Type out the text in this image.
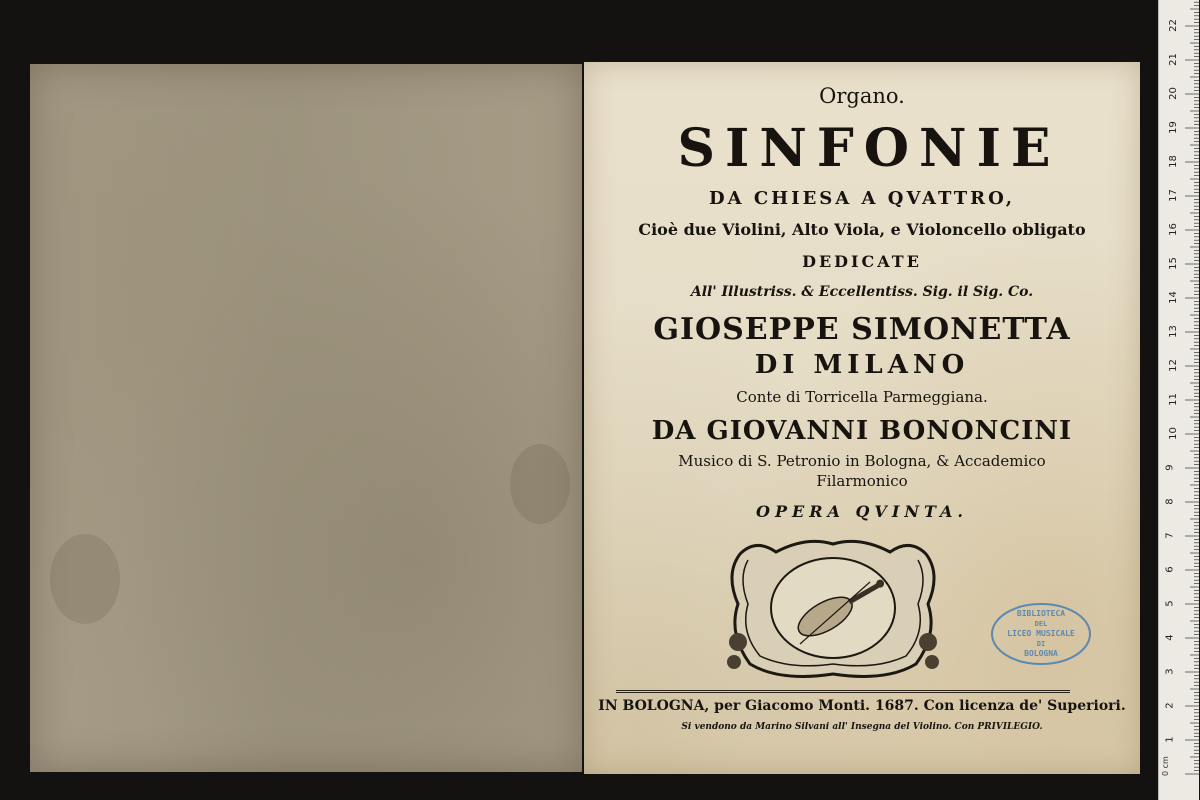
Organo.
SINFONIE
DA CHIESA A QVATTRO,
Cioè due Violini, Alto Viola, e Violoncello obligato
DEDICATE
All' Illustriss. & Eccellentiss. Sig. il Sig. Co.
GIOSEPPE SIMONETTA
DI MILANO
Conte di Torricella Parmeggiana.
DA GIOVANNI BONONCINI
Musico di S. Petronio in Bologna, & Accademico
Filarmonico
OPERA QVINTA.
BIBLIOTECA
DEL
LICEO MUSICALE
DI
BOLOGNA
IN BOLOGNA, per Giacomo Monti. 1687. Con licenza de' Superiori.
Si vendono da Marino Silvani all' Insegna del Violino. Con PRIVILEGIO.
0 cm
1
2
3
4
5
6
7
8
9
10
11
12
13
14
15
16
17
18
19
20
21
22
